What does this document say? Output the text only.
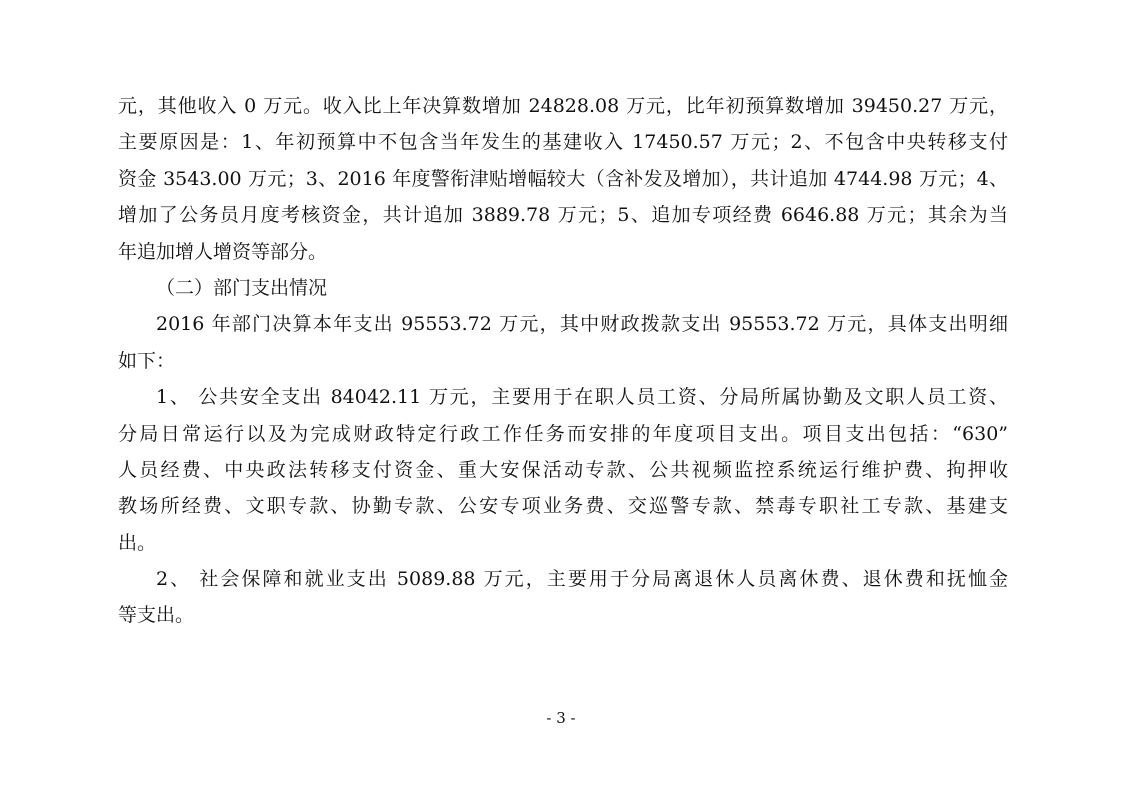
元，其他收入 0 万元。收入比上年决算数增加 24828.08 万元，比年初预算数增加 39450.27 万元，
主要原因是：1、年初预算中不包含当年发生的基建收入 17450.57 万元；2、不包含中央转移支付
资金 3543.00 万元；3、2016 年度警衔津贴增幅较大（含补发及增加），共计追加 4744.98 万元；4、
增加了公务员月度考核资金，共计追加 3889.78 万元；5、追加专项经费 6646.88 万元；其余为当
年追加增人增资等部分。
（二）部门支出情况
2016 年部门决算本年支出 95553.72 万元，其中财政拨款支出 95553.72 万元，具体支出明细
如下：
1、 公共安全支出 84042.11 万元，主要用于在职人员工资、分局所属协勤及文职人员工资、
分局日常运行以及为完成财政特定行政工作任务而安排的年度项目支出。项目支出包括：“630”
人员经费、中央政法转移支付资金、重大安保活动专款、公共视频监控系统运行维护费、拘押收
教场所经费、文职专款、协勤专款、公安专项业务费、交巡警专款、禁毒专职社工专款、基建支
出。
2、 社会保障和就业支出 5089.88 万元，主要用于分局离退休人员离休费、退休费和抚恤金
等支出。
- 3 -
